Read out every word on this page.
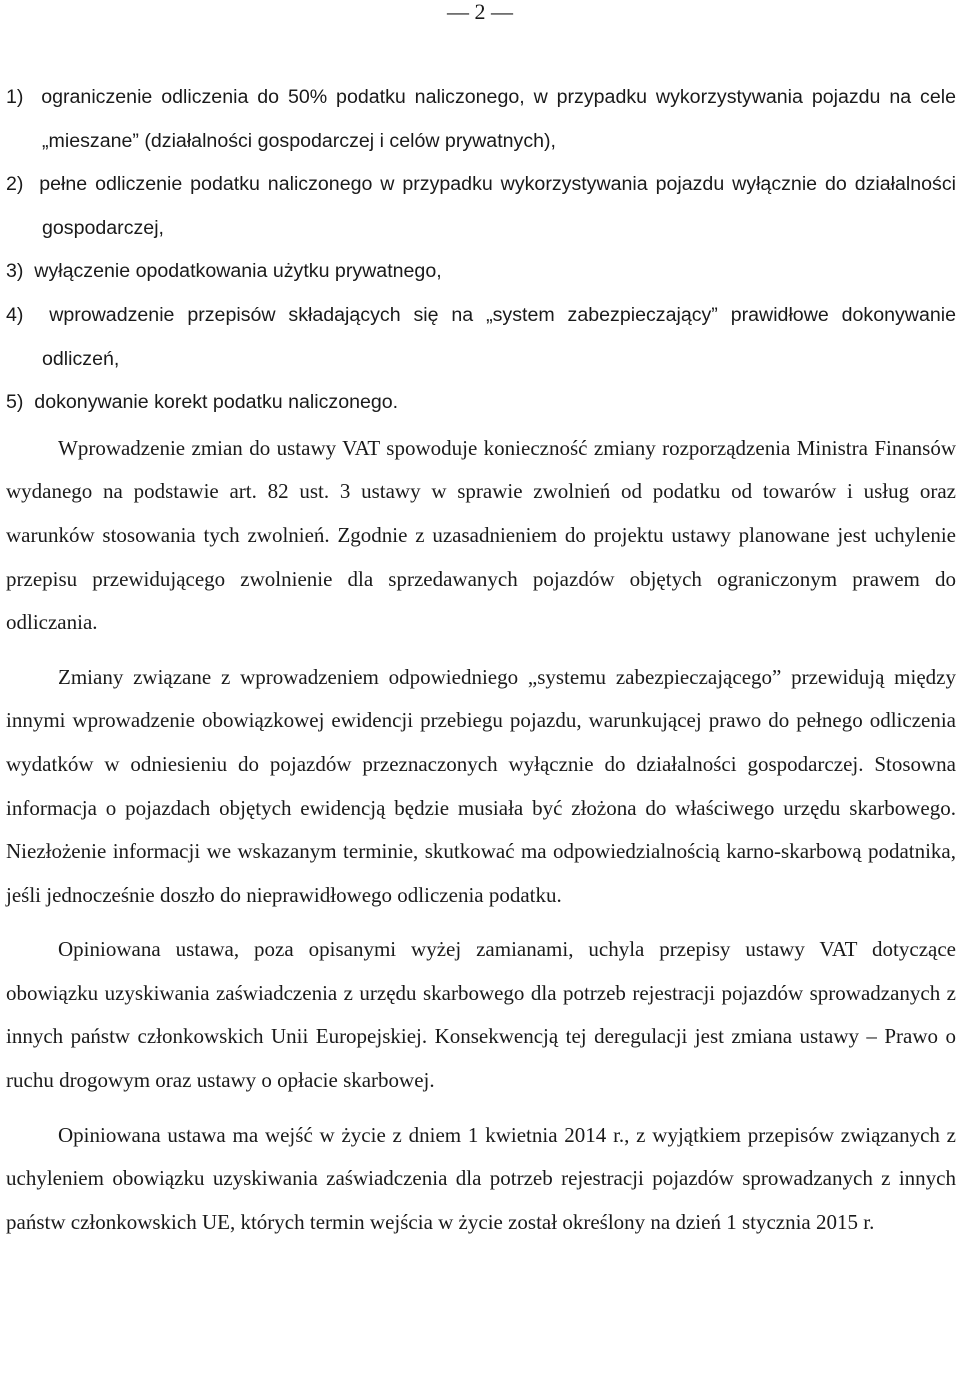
— 2 —
1)  ograniczenie odliczenia do 50% podatku naliczonego, w przypadku wykorzystywania pojazdu na cele „mieszane” (działalności gospodarczej i celów prywatnych),
2)  pełne odliczenie podatku naliczonego w przypadku wykorzystywania pojazdu wyłącznie do działalności gospodarczej,
3)  wyłączenie opodatkowania użytku prywatnego,
4)  wprowadzenie przepisów składających się na „system zabezpieczający” prawidłowe dokonywanie odliczeń,
5)  dokonywanie korekt podatku naliczonego.

Wprowadzenie zmian do ustawy VAT spowoduje konieczność zmiany rozporządzenia Ministra Finansów wydanego na podstawie art. 82 ust. 3 ustawy w sprawie zwolnień od podatku od towarów i usług oraz warunków stosowania tych zwolnień. Zgodnie z uzasadnieniem do projektu ustawy planowane jest uchylenie przepisu przewidującego zwolnienie dla sprzedawanych pojazdów objętych ograniczonym prawem do odliczania.

Zmiany związane z wprowadzeniem odpowiedniego „systemu zabezpieczającego” przewidują między innymi wprowadzenie obowiązkowej ewidencji przebiegu pojazdu, warunkującej prawo do pełnego odliczenia wydatków w odniesieniu do pojazdów przeznaczonych wyłącznie do działalności gospodarczej. Stosowna informacja o pojazdach objętych ewidencją będzie musiała być złożona do właściwego urzędu skarbowego. Niezłożenie informacji we wskazanym terminie, skutkować ma odpowiedzialnością karno-skarbową podatnika, jeśli jednocześnie doszło do nieprawidłowego odliczenia podatku.

Opiniowana ustawa, poza opisanymi wyżej zamianami, uchyla przepisy ustawy VAT dotyczące obowiązku uzyskiwania zaświadczenia z urzędu skarbowego dla potrzeb rejestracji pojazdów sprowadzanych z innych państw członkowskich Unii Europejskiej. Konsekwencją tej deregulacji jest zmiana ustawy – Prawo o ruchu drogowym oraz ustawy o opłacie skarbowej.

Opiniowana ustawa ma wejść w życie z dniem 1 kwietnia 2014 r., z wyjątkiem przepisów związanych z uchyleniem obowiązku uzyskiwania zaświadczenia dla potrzeb rejestracji pojazdów sprowadzanych z innych państw członkowskich UE, których termin wejścia w życie został określony na dzień 1 stycznia 2015 r.
